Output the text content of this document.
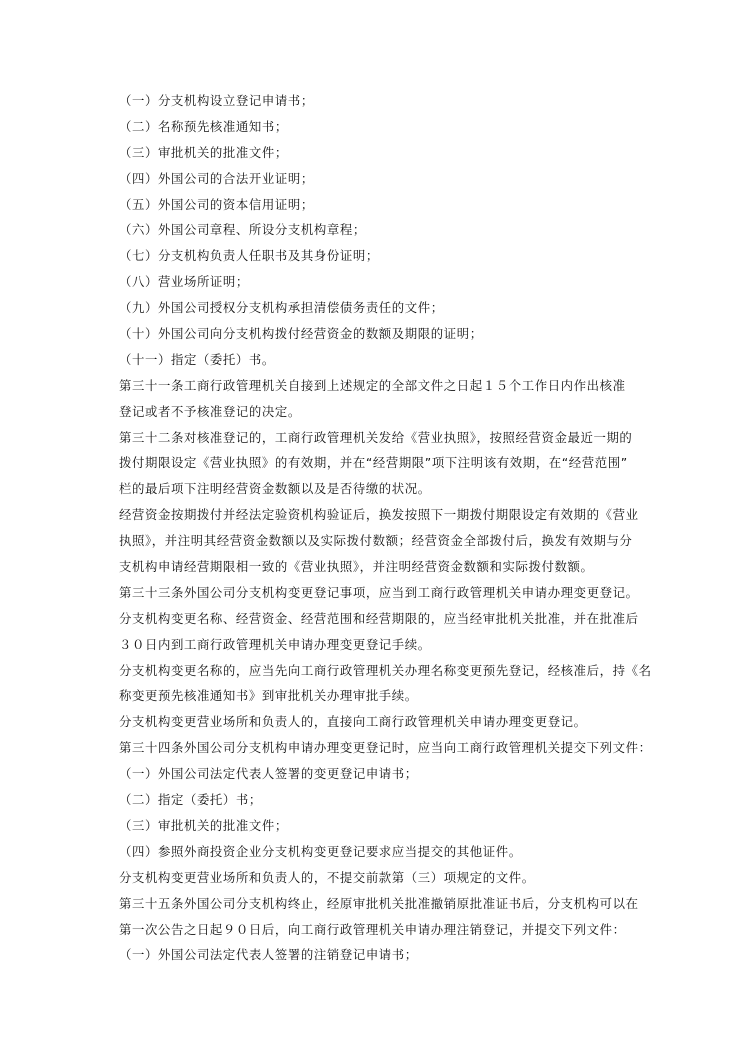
（一）分支机构设立登记申请书；

（二）名称预先核准通知书；

（三）审批机关的批准文件；

（四）外国公司的合法开业证明；

（五）外国公司的资本信用证明；

（六）外国公司章程、所设分支机构章程；

（七）分支机构负责人任职书及其身份证明；

（八）营业场所证明；

（九）外国公司授权分支机构承担清偿债务责任的文件；

（十）外国公司向分支机构拨付经营资金的数额及期限的证明；

（十一）指定（委托）书。

第三十一条工商行政管理机关自接到上述规定的全部文件之日起１５个工作日内作出核准

登记或者不予核准登记的决定。

第三十二条对核准登记的，工商行政管理机关发给《营业执照》，按照经营资金最近一期的

拨付期限设定《营业执照》的有效期，并在“经营期限”项下注明该有效期，在“经营范围”

栏的最后项下注明经营资金数额以及是否待缴的状况。

经营资金按期拨付并经法定验资机构验证后，换发按照下一期拨付期限设定有效期的《营业

执照》，并注明其经营资金数额以及实际拨付数额；经营资金全部拨付后，换发有效期与分

支机构申请经营期限相一致的《营业执照》，并注明经营资金数额和实际拨付数额。

第三十三条外国公司分支机构变更登记事项，应当到工商行政管理机关申请办理变更登记。

分支机构变更名称、经营资金、经营范围和经营期限的，应当经审批机关批准，并在批准后

３０日内到工商行政管理机关申请办理变更登记手续。

分支机构变更名称的，应当先向工商行政管理机关办理名称变更预先登记，经核准后，持《名

称变更预先核准通知书》到审批机关办理审批手续。

分支机构变更营业场所和负责人的，直接向工商行政管理机关申请办理变更登记。

第三十四条外国公司分支机构申请办理变更登记时，应当向工商行政管理机关提交下列文件：

（一）外国公司法定代表人签署的变更登记申请书；

（二）指定（委托）书；

（三）审批机关的批准文件；

（四）参照外商投资企业分支机构变更登记要求应当提交的其他证件。

分支机构变更营业场所和负责人的，不提交前款第（三）项规定的文件。

第三十五条外国公司分支机构终止，经原审批机关批准撤销原批准证书后，分支机构可以在

第一次公告之日起９０日后，向工商行政管理机关申请办理注销登记，并提交下列文件：

（一）外国公司法定代表人签署的注销登记申请书；
